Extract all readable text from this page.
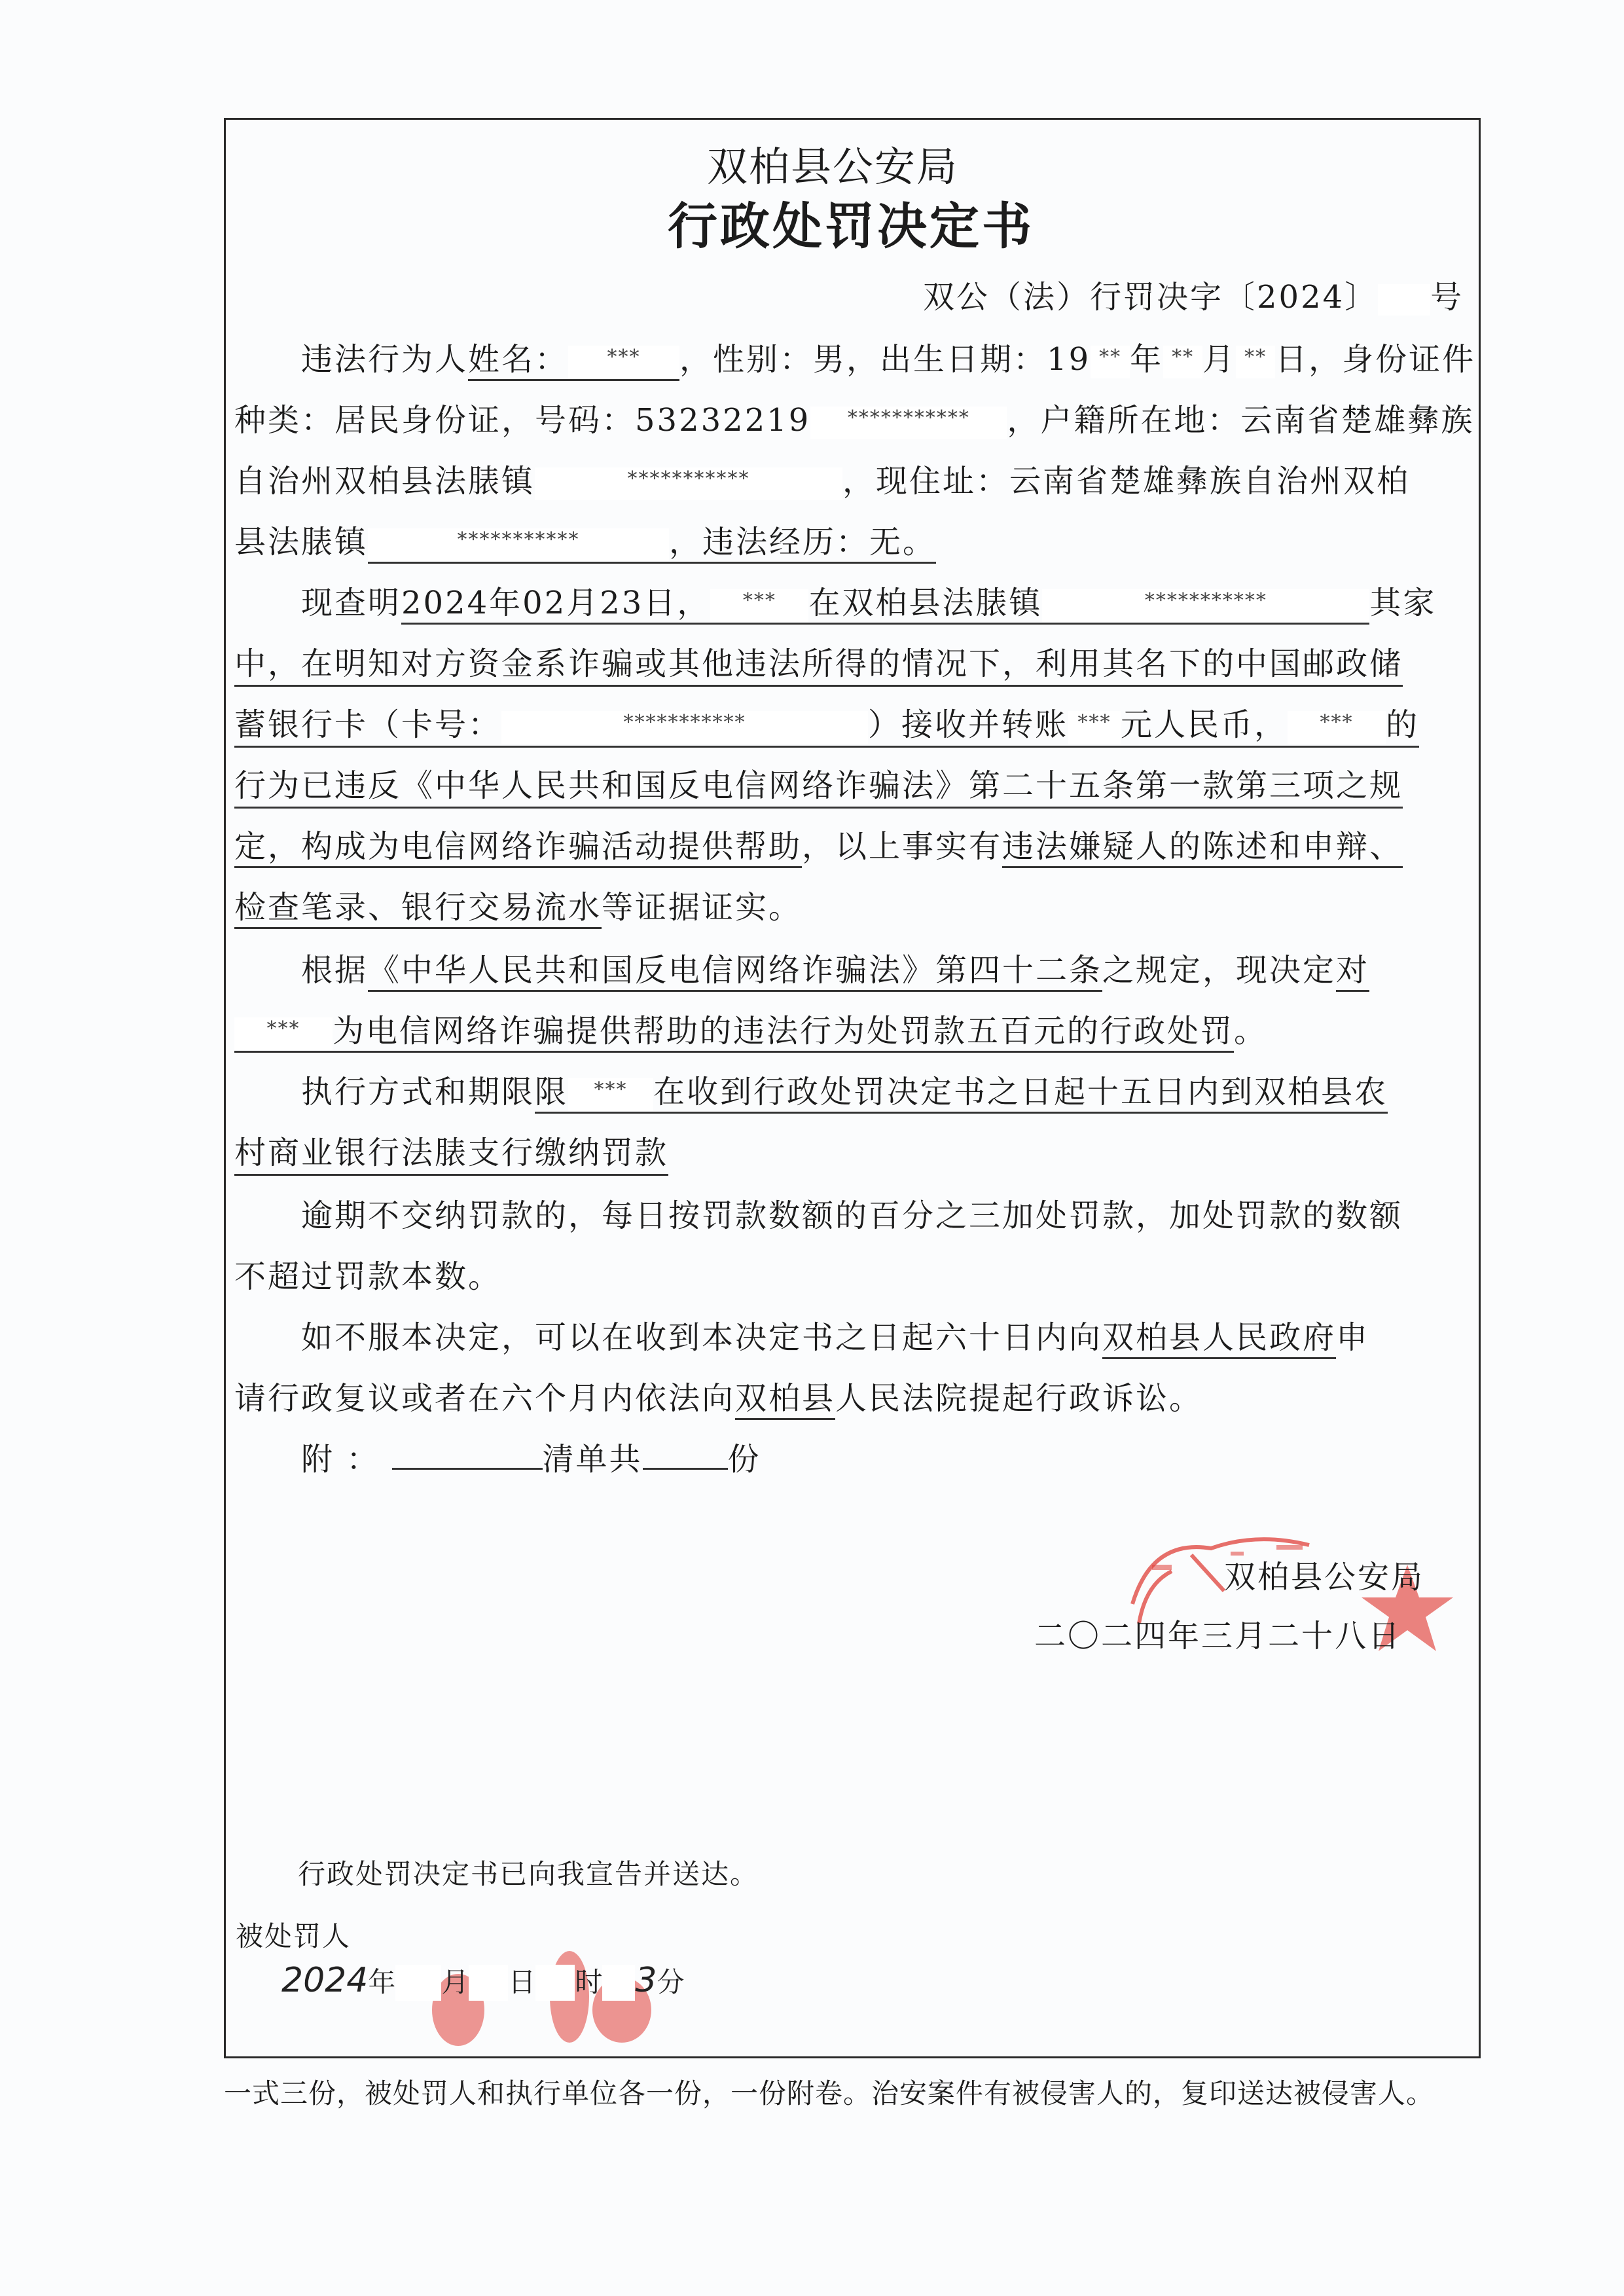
双柏县公安局
行政处罚决定书
双公（法）行罚决字〔2024〕 号
违法行为人姓名： *** ，性别：男，出生日期：19 ** 年 ** 月 ** 日，身份证件
种类：居民身份证，号码：53232219 *********** ，户籍所在地：云南省楚雄彝族
自治州双柏县法脿镇	***********	，现住址：云南省楚雄彝族自治州双柏
县法脿镇	***********	，违法经历：无。
现查明2024年02月23日， *** 在双柏县法脿镇	***********	其家
中，在明知对方资金系诈骗或其他违法所得的情况下，利用其名下的中国邮政储
蓄银行卡（卡号：	***********	）接收并转账 *** 元人民币， *** 的
行为已违反《中华人民共和国反电信网络诈骗法》第二十五条第一款第三项之规
定，构成为电信网络诈骗活动提供帮助，以上事实有违法嫌疑人的陈述和申辩、
检查笔录、银行交易流水等证据证实。
根据《中华人民共和国反电信网络诈骗法》第四十二条之规定，现决定对
*** 为电信网络诈骗提供帮助的违法行为处罚款五百元的行政处罚。
执行方式和期限限 *** 在收到行政处罚决定书之日起十五日内到双柏县农
村商业银行法脿支行缴纳罚款
逾期不交纳罚款的，每日按罚款数额的百分之三加处罚款，加处罚款的数额
不超过罚款本数。
如不服本决定，可以在收到本决定书之日起六十日内向双柏县人民政府申
请行政复议或者在六个月内依法向双柏县人民法院提起行政诉讼。
附 ：	清单共	份
双柏县公安局
二〇二四年三月二十八日
行政处罚决定书已向我宣告并送达。
被处罚人
2024年 月 日 时 3分
一式三份，被处罚人和执行单位各一份，一份附卷。治安案件有被侵害人的，复印送达被侵害人。
